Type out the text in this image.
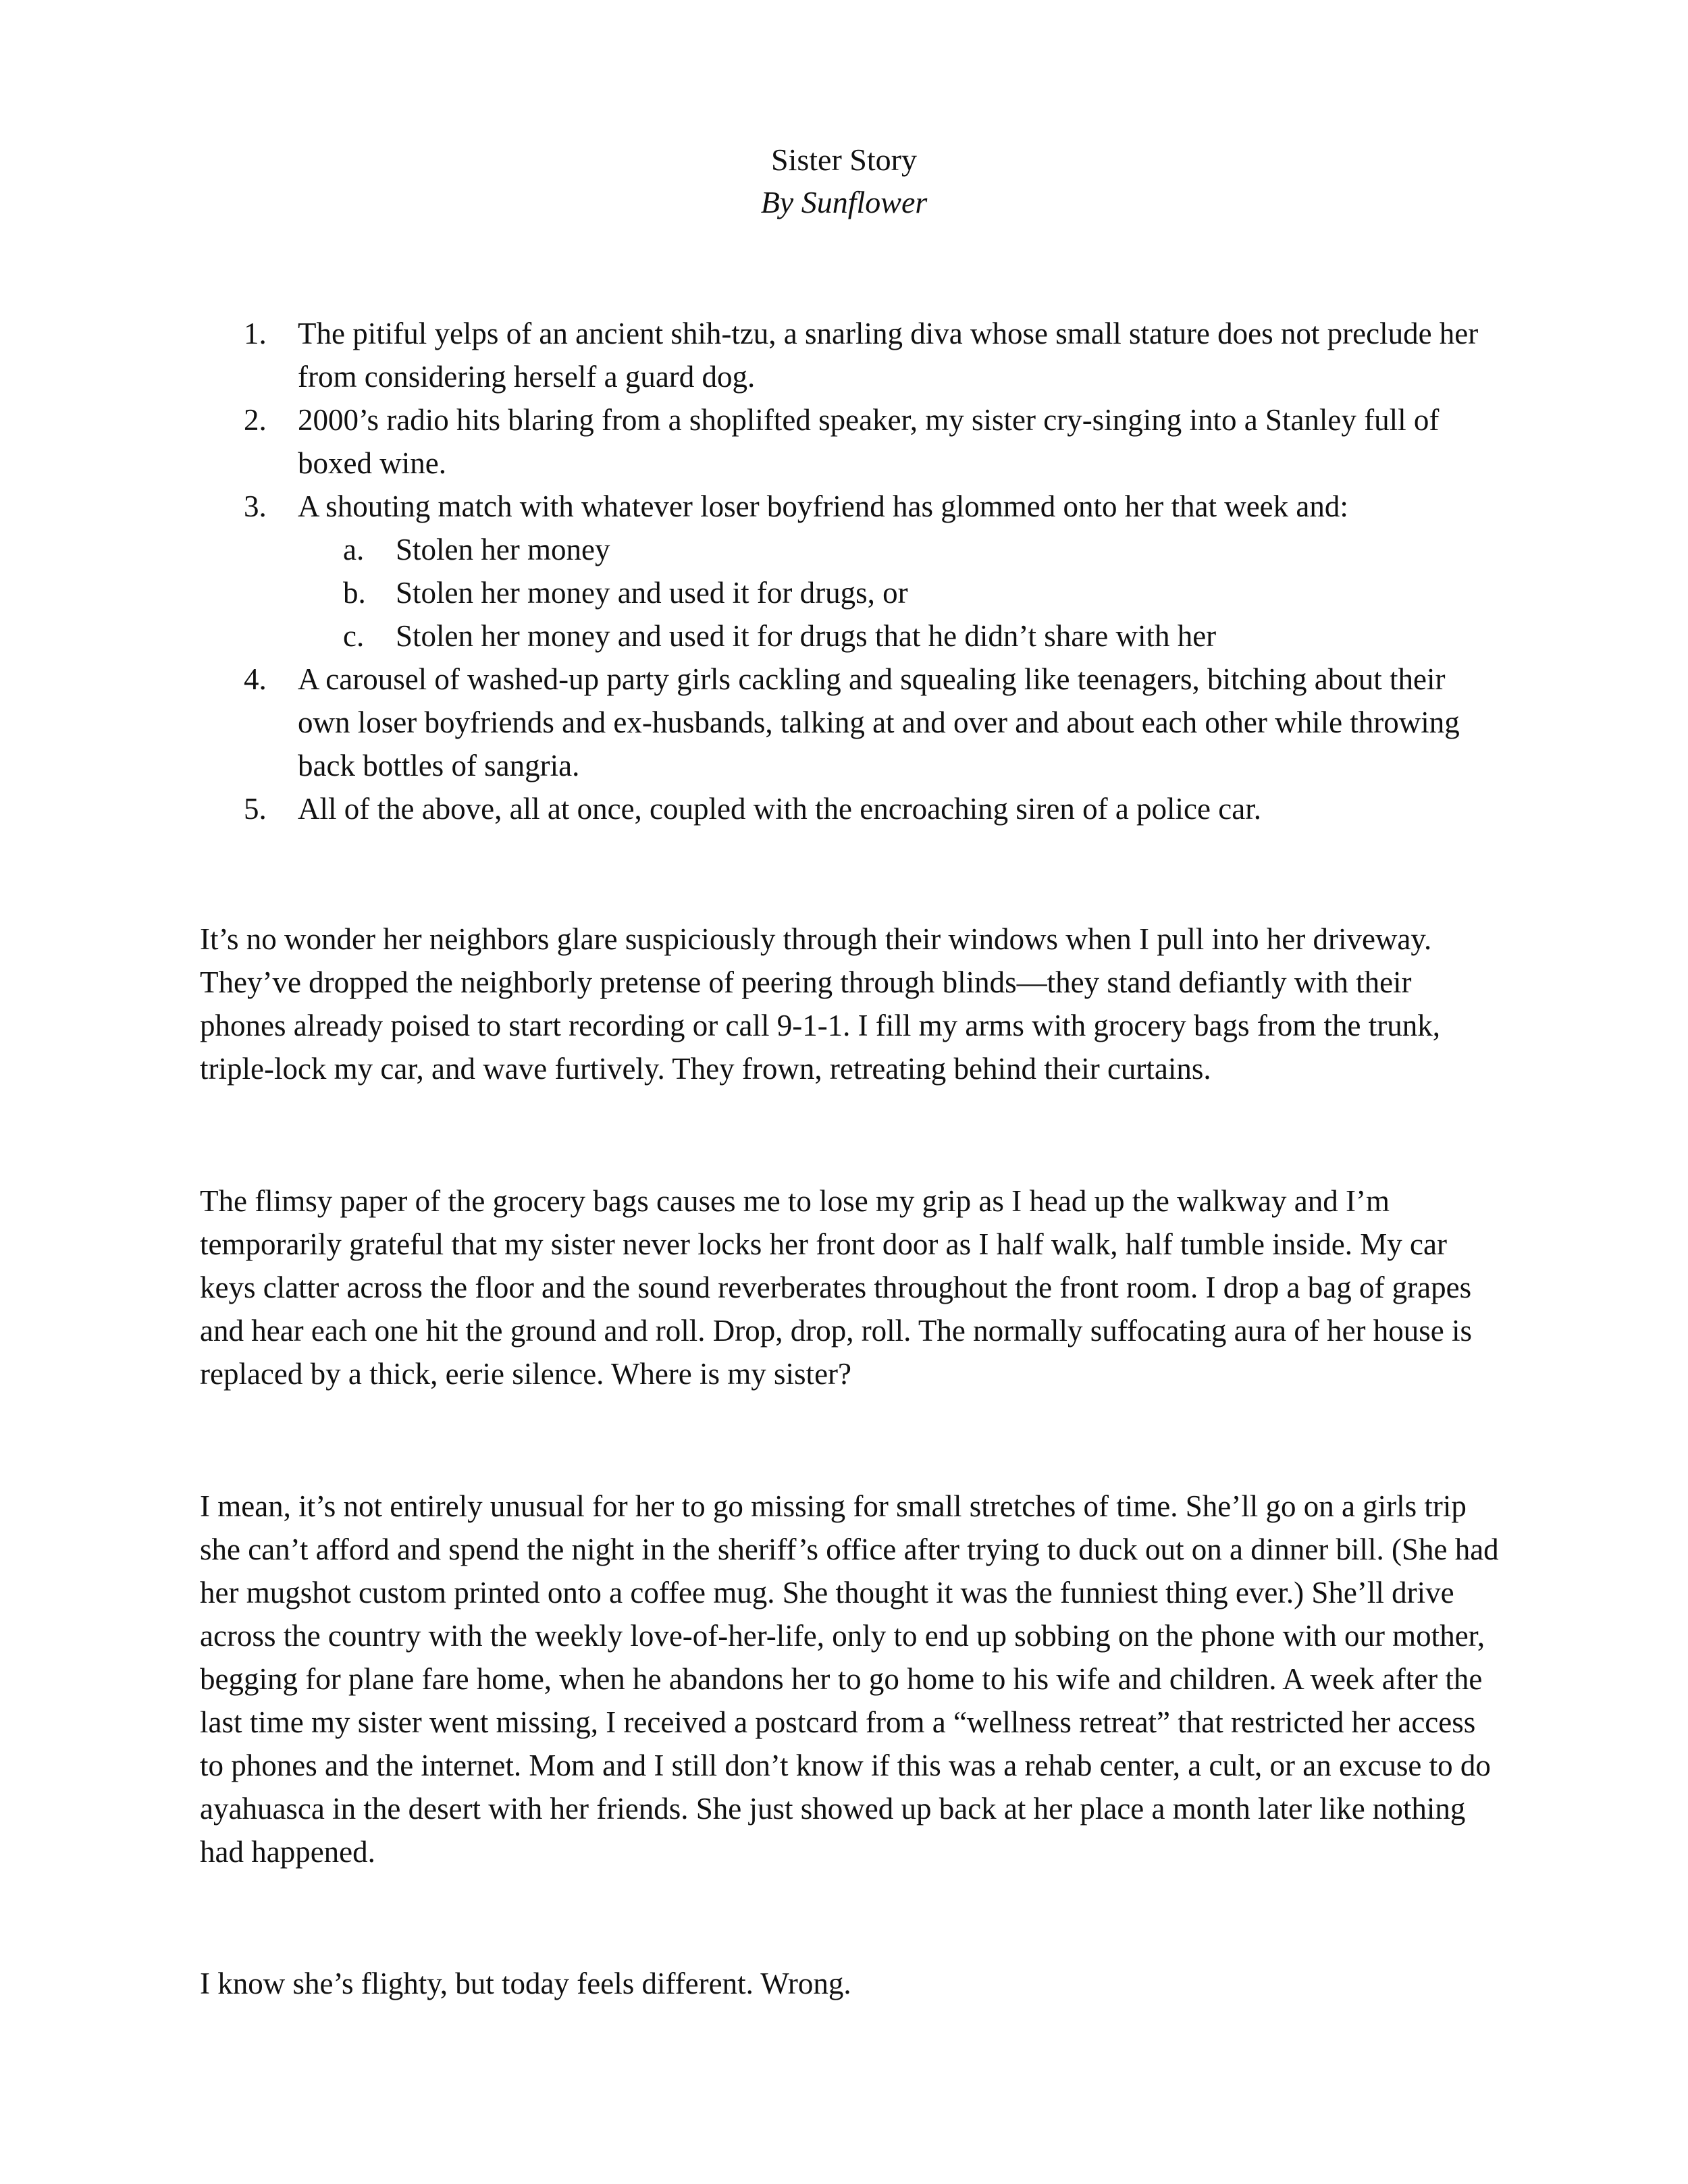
Sister Story
By Sunflower
1.	The pitiful yelps of an ancient shih-tzu, a snarling diva whose small stature does not preclude her from considering herself a guard dog.
2.	2000’s radio hits blaring from a shoplifted speaker, my sister cry-singing into a Stanley full of boxed wine.
3.	A shouting match with whatever loser boyfriend has glommed onto her that week and:
a. Stolen her money
b. Stolen her money and used it for drugs, or
c. Stolen her money and used it for drugs that he didn’t share with her
4.	A carousel of washed-up party girls cackling and squealing like teenagers, bitching about their own loser boyfriends and ex-husbands, talking at and over and about each other while throwing back bottles of sangria.
5.	All of the above, all at once, coupled with the encroaching siren of a police car.

It’s no wonder her neighbors glare suspiciously through their windows when I pull into her driveway. They’ve dropped the neighborly pretense of peering through blinds—they stand defiantly with their phones already poised to start recording or call 9-1-1. I fill my arms with grocery bags from the trunk, triple-lock my car, and wave furtively. They frown, retreating behind their curtains.

The flimsy paper of the grocery bags causes me to lose my grip as I head up the walkway and I’m temporarily grateful that my sister never locks her front door as I half walk, half tumble inside. My car keys clatter across the floor and the sound reverberates throughout the front room. I drop a bag of grapes and hear each one hit the ground and roll. Drop, drop, roll. The normally suffocating aura of her house is replaced by a thick, eerie silence. Where is my sister?

I mean, it’s not entirely unusual for her to go missing for small stretches of time. She’ll go on a girls trip she can’t afford and spend the night in the sheriff’s office after trying to duck out on a dinner bill. (She had her mugshot custom printed onto a coffee mug. She thought it was the funniest thing ever.) She’ll drive across the country with the weekly love-of-her-life, only to end up sobbing on the phone with our mother, begging for plane fare home, when he abandons her to go home to his wife and children. A week after the last time my sister went missing, I received a postcard from a “wellness retreat” that restricted her access to phones and the internet. Mom and I still don’t know if this was a rehab center, a cult, or an excuse to do ayahuasca in the desert with her friends. She just showed up back at her place a month later like nothing had happened.

I know she’s flighty, but today feels different. Wrong.
